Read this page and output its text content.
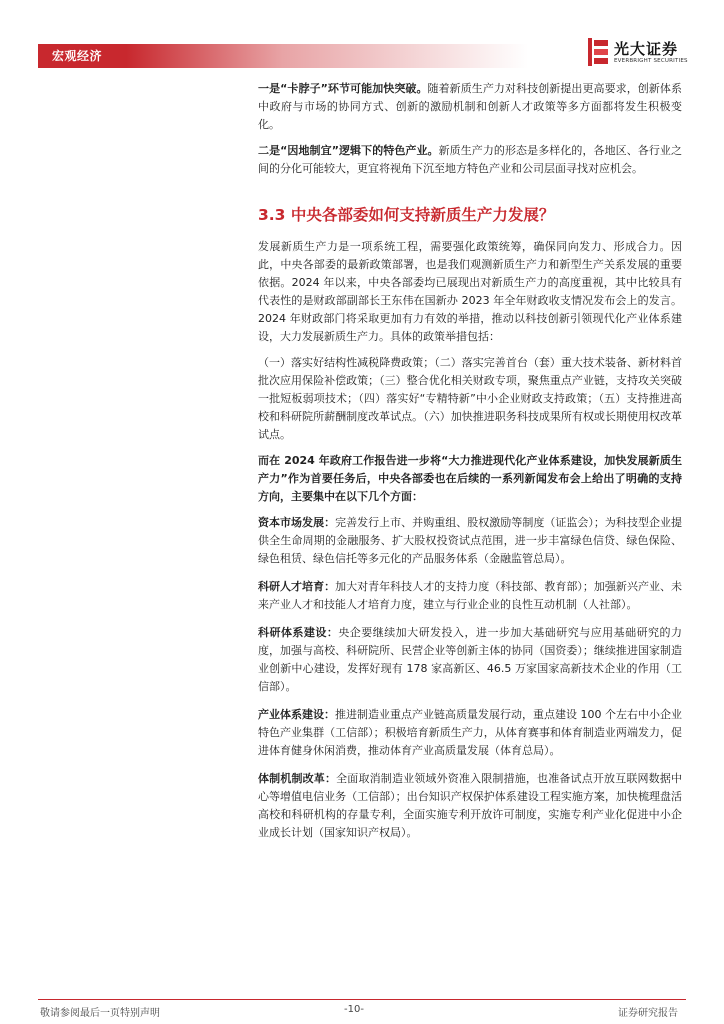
宏观经济	光大证券
EVERBRIGHT SECURITIES

一是“卡脖子”环节可能加快突破。随着新质生产力对科技创新提出更高要求，创新体系中政府与市场的协同方式、创新的激励机制和创新人才政策等多方面都将发生积极变化。

二是“因地制宜”逻辑下的特色产业。新质生产力的形态是多样化的，各地区、各行业之间的分化可能较大，更宜将视角下沉至地方特色产业和公司层面寻找对应机会。

3.3 中央各部委如何支持新质生产力发展？

发展新质生产力是一项系统工程，需要强化政策统筹，确保同向发力、形成合力。因此，中央各部委的最新政策部署，也是我们观测新质生产力和新型生产关系发展的重要依据。2024 年以来，中央各部委均已展现出对新质生产力的高度重视，其中比较具有代表性的是财政部副部长王东伟在国新办 2023 年全年财政收支情况发布会上的发言。2024 年财政部门将采取更加有力有效的举措，推动以科技创新引领现代化产业体系建设，大力发展新质生产力。具体的政策举措包括：

（一）落实好结构性减税降费政策；（二）落实完善首台（套）重大技术装备、新材料首批次应用保险补偿政策；（三）整合优化相关财政专项，聚焦重点产业链，支持攻关突破一批短板弱项技术；（四）落实好“专精特新”中小企业财政支持政策；（五）支持推进高校和科研院所薪酬制度改革试点。（六）加快推进职务科技成果所有权或长期使用权改革试点。

而在 2024 年政府工作报告进一步将“大力推进现代化产业体系建设，加快发展新质生产力”作为首要任务后，中央各部委也在后续的一系列新闻发布会上给出了明确的支持方向，主要集中在以下几个方面：

资本市场发展：完善发行上市、并购重组、股权激励等制度（证监会）；为科技型企业提供全生命周期的金融服务、扩大股权投资试点范围，进一步丰富绿色信贷、绿色保险、绿色租赁、绿色信托等多元化的产品服务体系（金融监管总局）。

科研人才培育：加大对青年科技人才的支持力度（科技部、教育部）；加强新兴产业、未来产业人才和技能人才培育力度，建立与行业企业的良性互动机制（人社部）。

科研体系建设：央企要继续加大研发投入，进一步加大基础研究与应用基础研究的力度，加强与高校、科研院所、民营企业等创新主体的协同（国资委）；继续推进国家制造业创新中心建设，发挥好现有 178 家高新区、46.5 万家国家高新技术企业的作用（工信部）。

产业体系建设：推进制造业重点产业链高质量发展行动，重点建设 100 个左右中小企业特色产业集群（工信部）；积极培育新质生产力，从体育赛事和体育制造业两端发力，促进体育健身休闲消费，推动体育产业高质量发展（体育总局）。

体制机制改革：全面取消制造业领域外资准入限制措施，也准备试点开放互联网数据中心等增值电信业务（工信部）；出台知识产权保护体系建设工程实施方案，加快梳理盘活高校和科研机构的存量专利，全面实施专利开放许可制度，实施专利产业化促进中小企业成长计划（国家知识产权局）。

敬请参阅最后一页特别声明	-10-	证券研究报告
